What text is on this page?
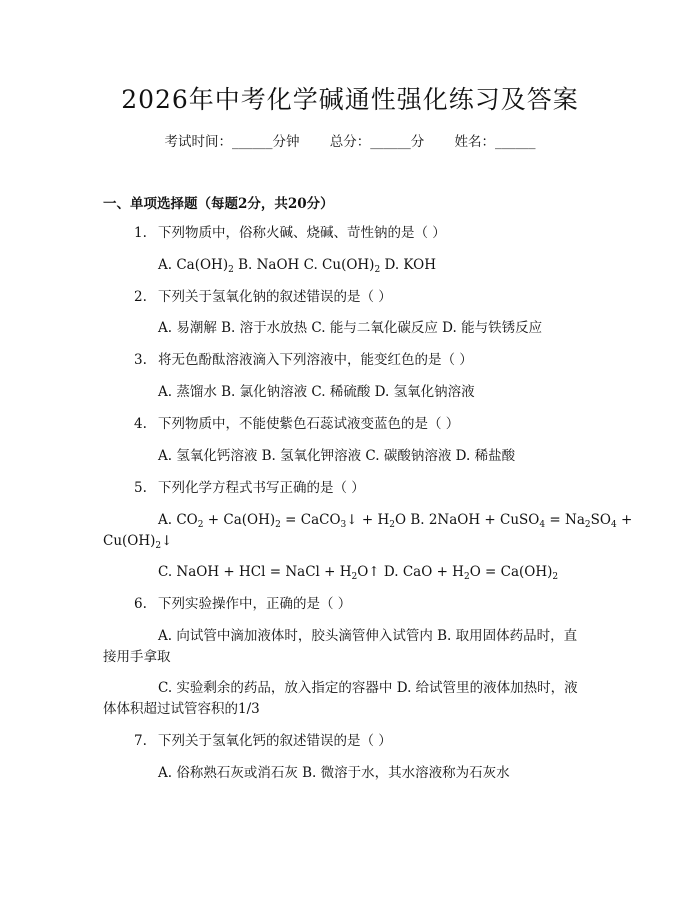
2026年中考化学碱通性强化练习及答案
考试时间：______分钟 总分：______分 姓名：______
一、单项选择题（每题2分，共20分）
1. 下列物质中，俗称火碱、烧碱、苛性钠的是（ ）
A. $Ca(OH)_2$ B. NaOH C. $Cu(OH)_2$ D. KOH
2. 下列关于氢氧化钠的叙述错误的是（ ）
A. 易潮解 B. 溶于水放热 C. 能与二氧化碳反应 D. 能与铁锈反应
3. 将无色酚酞溶液滴入下列溶液中，能变红色的是（ ）
A. 蒸馏水 B. 氯化钠溶液 C. 稀硫酸 D. 氢氧化钠溶液
4. 下列物质中，不能使紫色石蕊试液变蓝色的是（ ）
A. 氢氧化钙溶液 B. 氢氧化钾溶液 C. 碳酸钠溶液 D. 稀盐酸
5. 下列化学方程式书写正确的是（ ）
A. $CO_2 + Ca(OH)_2$ = CaCO$_3$↓ + $H_2O$ B. 2NaOH + CuSO$_4$ = $Na_2SO_4$ +
$Cu(OH)_2↓$
C. NaOH + HCl = NaCl + $H_2O↑$ D. CaO + $H_2O = Ca(OH)_2$
6. 下列实验操作中，正确的是（ ）
A. 向试管中滴加液体时，胶头滴管伸入试管内 B. 取用固体药品时，直
接用手拿取
C. 实验剩余的药品，放入指定的容器中 D. 给试管里的液体加热时，液
体体积超过试管容积的1/3
7. 下列关于氢氧化钙的叙述错误的是（ ）
A. 俗称熟石灰或消石灰 B. 微溶于水，其水溶液称为石灰水
